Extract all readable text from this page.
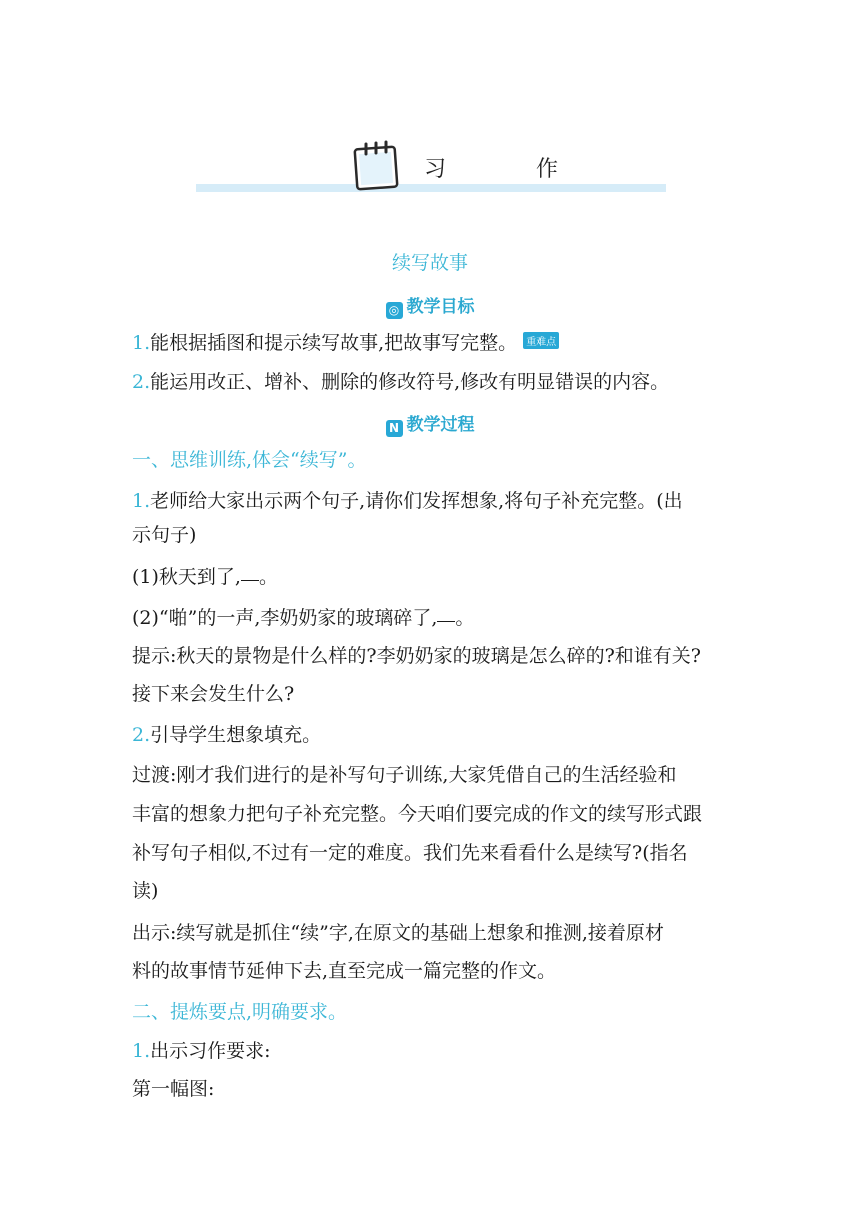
习　作
续写故事
◎ 教学目标
1.能根据插图和提示续写故事,把故事写完整。 重难点
2.能运用改正、增补、删除的修改符号,修改有明显错误的内容。
N 教学过程
一、思维训练,体会“续写”。
1.老师给大家出示两个句子,请你们发挥想象,将句子补充完整。(出
示句子)
(1)秋天到了, 。
(2)“啪”的一声,李奶奶家的玻璃碎了, 。
提示:秋天的景物是什么样的?李奶奶家的玻璃是怎么碎的?和谁有关?
接下来会发生什么?
2.引导学生想象填充。
过渡:刚才我们进行的是补写句子训练,大家凭借自己的生活经验和
丰富的想象力把句子补充完整。今天咱们要完成的作文的续写形式跟
补写句子相似,不过有一定的难度。我们先来看看什么是续写?(指名
读)
出示:续写就是抓住“续”字,在原文的基础上想象和推测,接着原材
料的故事情节延伸下去,直至完成一篇完整的作文。
二、提炼要点,明确要求。
1.出示习作要求:
第一幅图:
